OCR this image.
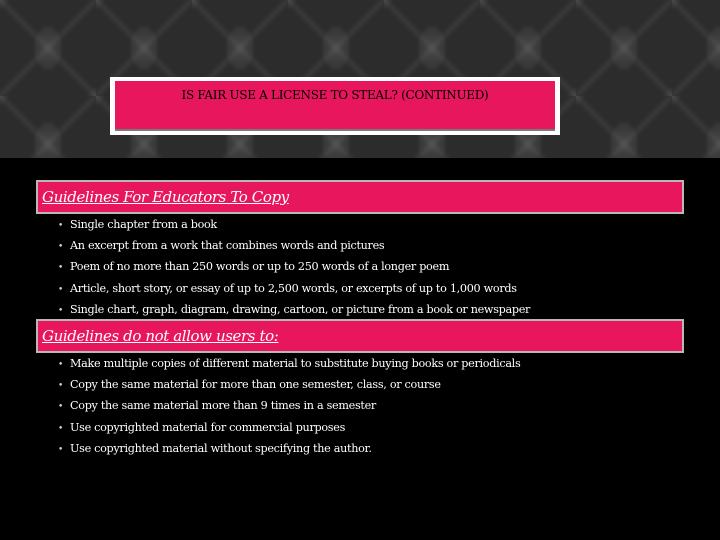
IS FAIR USE A LICENSE TO STEAL? (CONTINUED)
Guidelines For Educators To Copy
• Single chapter from a book
• An excerpt from a work that combines words and pictures
• Poem of no more than 250 words or up to 250 words of a longer poem
• Article, short story, or essay of up to 2,500 words, or excerpts of up to 1,000 words
• Single chart, graph, diagram, drawing, cartoon, or picture from a book or newspaper
Guidelines do not allow users to:
• Make multiple copies of different material to substitute buying books or periodicals
• Copy the same material for more than one semester, class, or course
• Copy the same material more than 9 times in a semester
• Use copyrighted material for commercial purposes
• Use copyrighted material without specifying the author.
